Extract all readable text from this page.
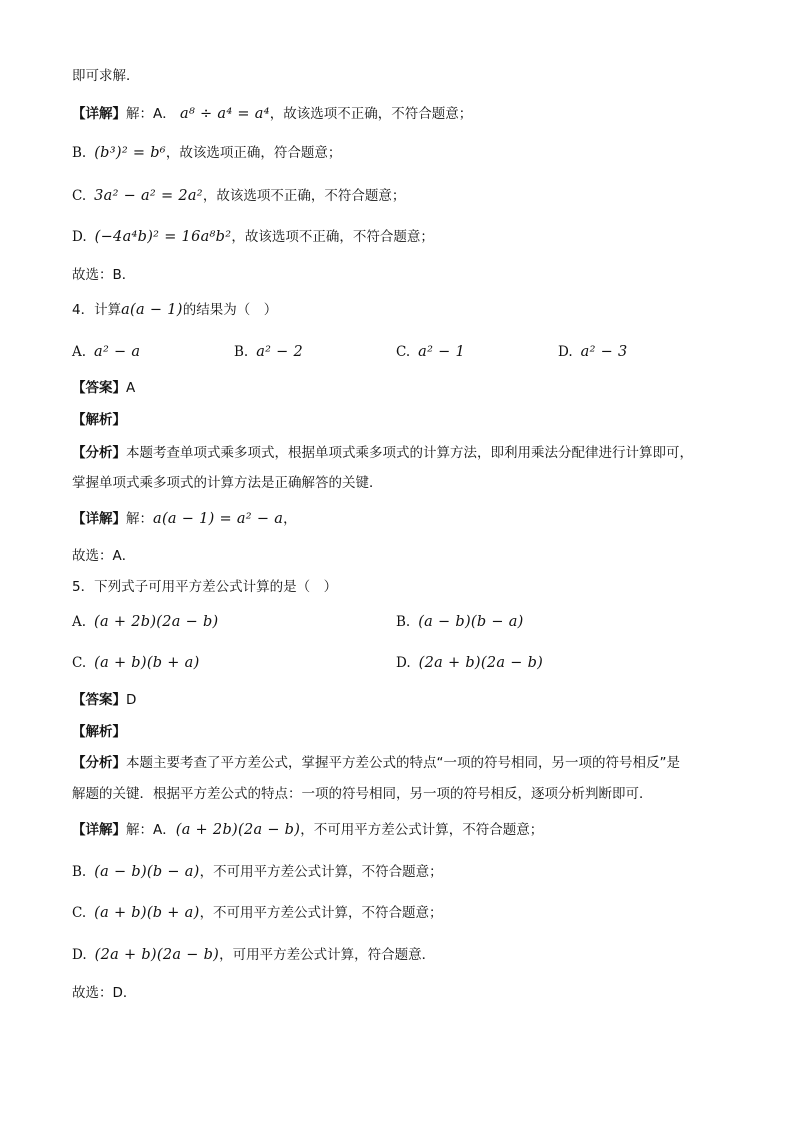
即可求解．
【详解】解：A． a⁸ ÷ a⁴ = a⁴，故该选项不正确，不符合题意；
B. (b³)² = b⁶，故该选项正确，符合题意；
C. 3a² − a² = 2a²，故该选项不正确，不符合题意；
D. (−4a⁴b)² = 16a⁸b²，故该选项不正确，不符合题意；
故选：B．
4．计算a(a − 1)的结果为（　）
A. a² − a	B. a² − 2	C. a² − 1	D. a² − 3
【答案】A
【解析】
【分析】本题考查单项式乘多项式，根据单项式乘多项式的计算方法，即利用乘法分配律进行计算即可，
掌握单项式乘多项式的计算方法是正确解答的关键．
【详解】解：a(a − 1) = a² − a，
故选：A．
5．下列式子可用平方差公式计算的是（　）
A. (a + 2b)(2a − b)	B. (a − b)(b − a)
C. (a + b)(b + a)	D. (2a + b)(2a − b)
【答案】D
【解析】
【分析】本题主要考查了平方差公式，掌握平方差公式的特点“一项的符号相同，另一项的符号相反”是
解题的关键．根据平方差公式的特点：一项的符号相同，另一项的符号相反，逐项分析判断即可．
【详解】解：A．(a + 2b)(2a − b)，不可用平方差公式计算，不符合题意；
B. (a − b)(b − a)，不可用平方差公式计算，不符合题意；
C. (a + b)(b + a)，不可用平方差公式计算，不符合题意；
D. (2a + b)(2a − b)，可用平方差公式计算，符合题意．
故选：D．
